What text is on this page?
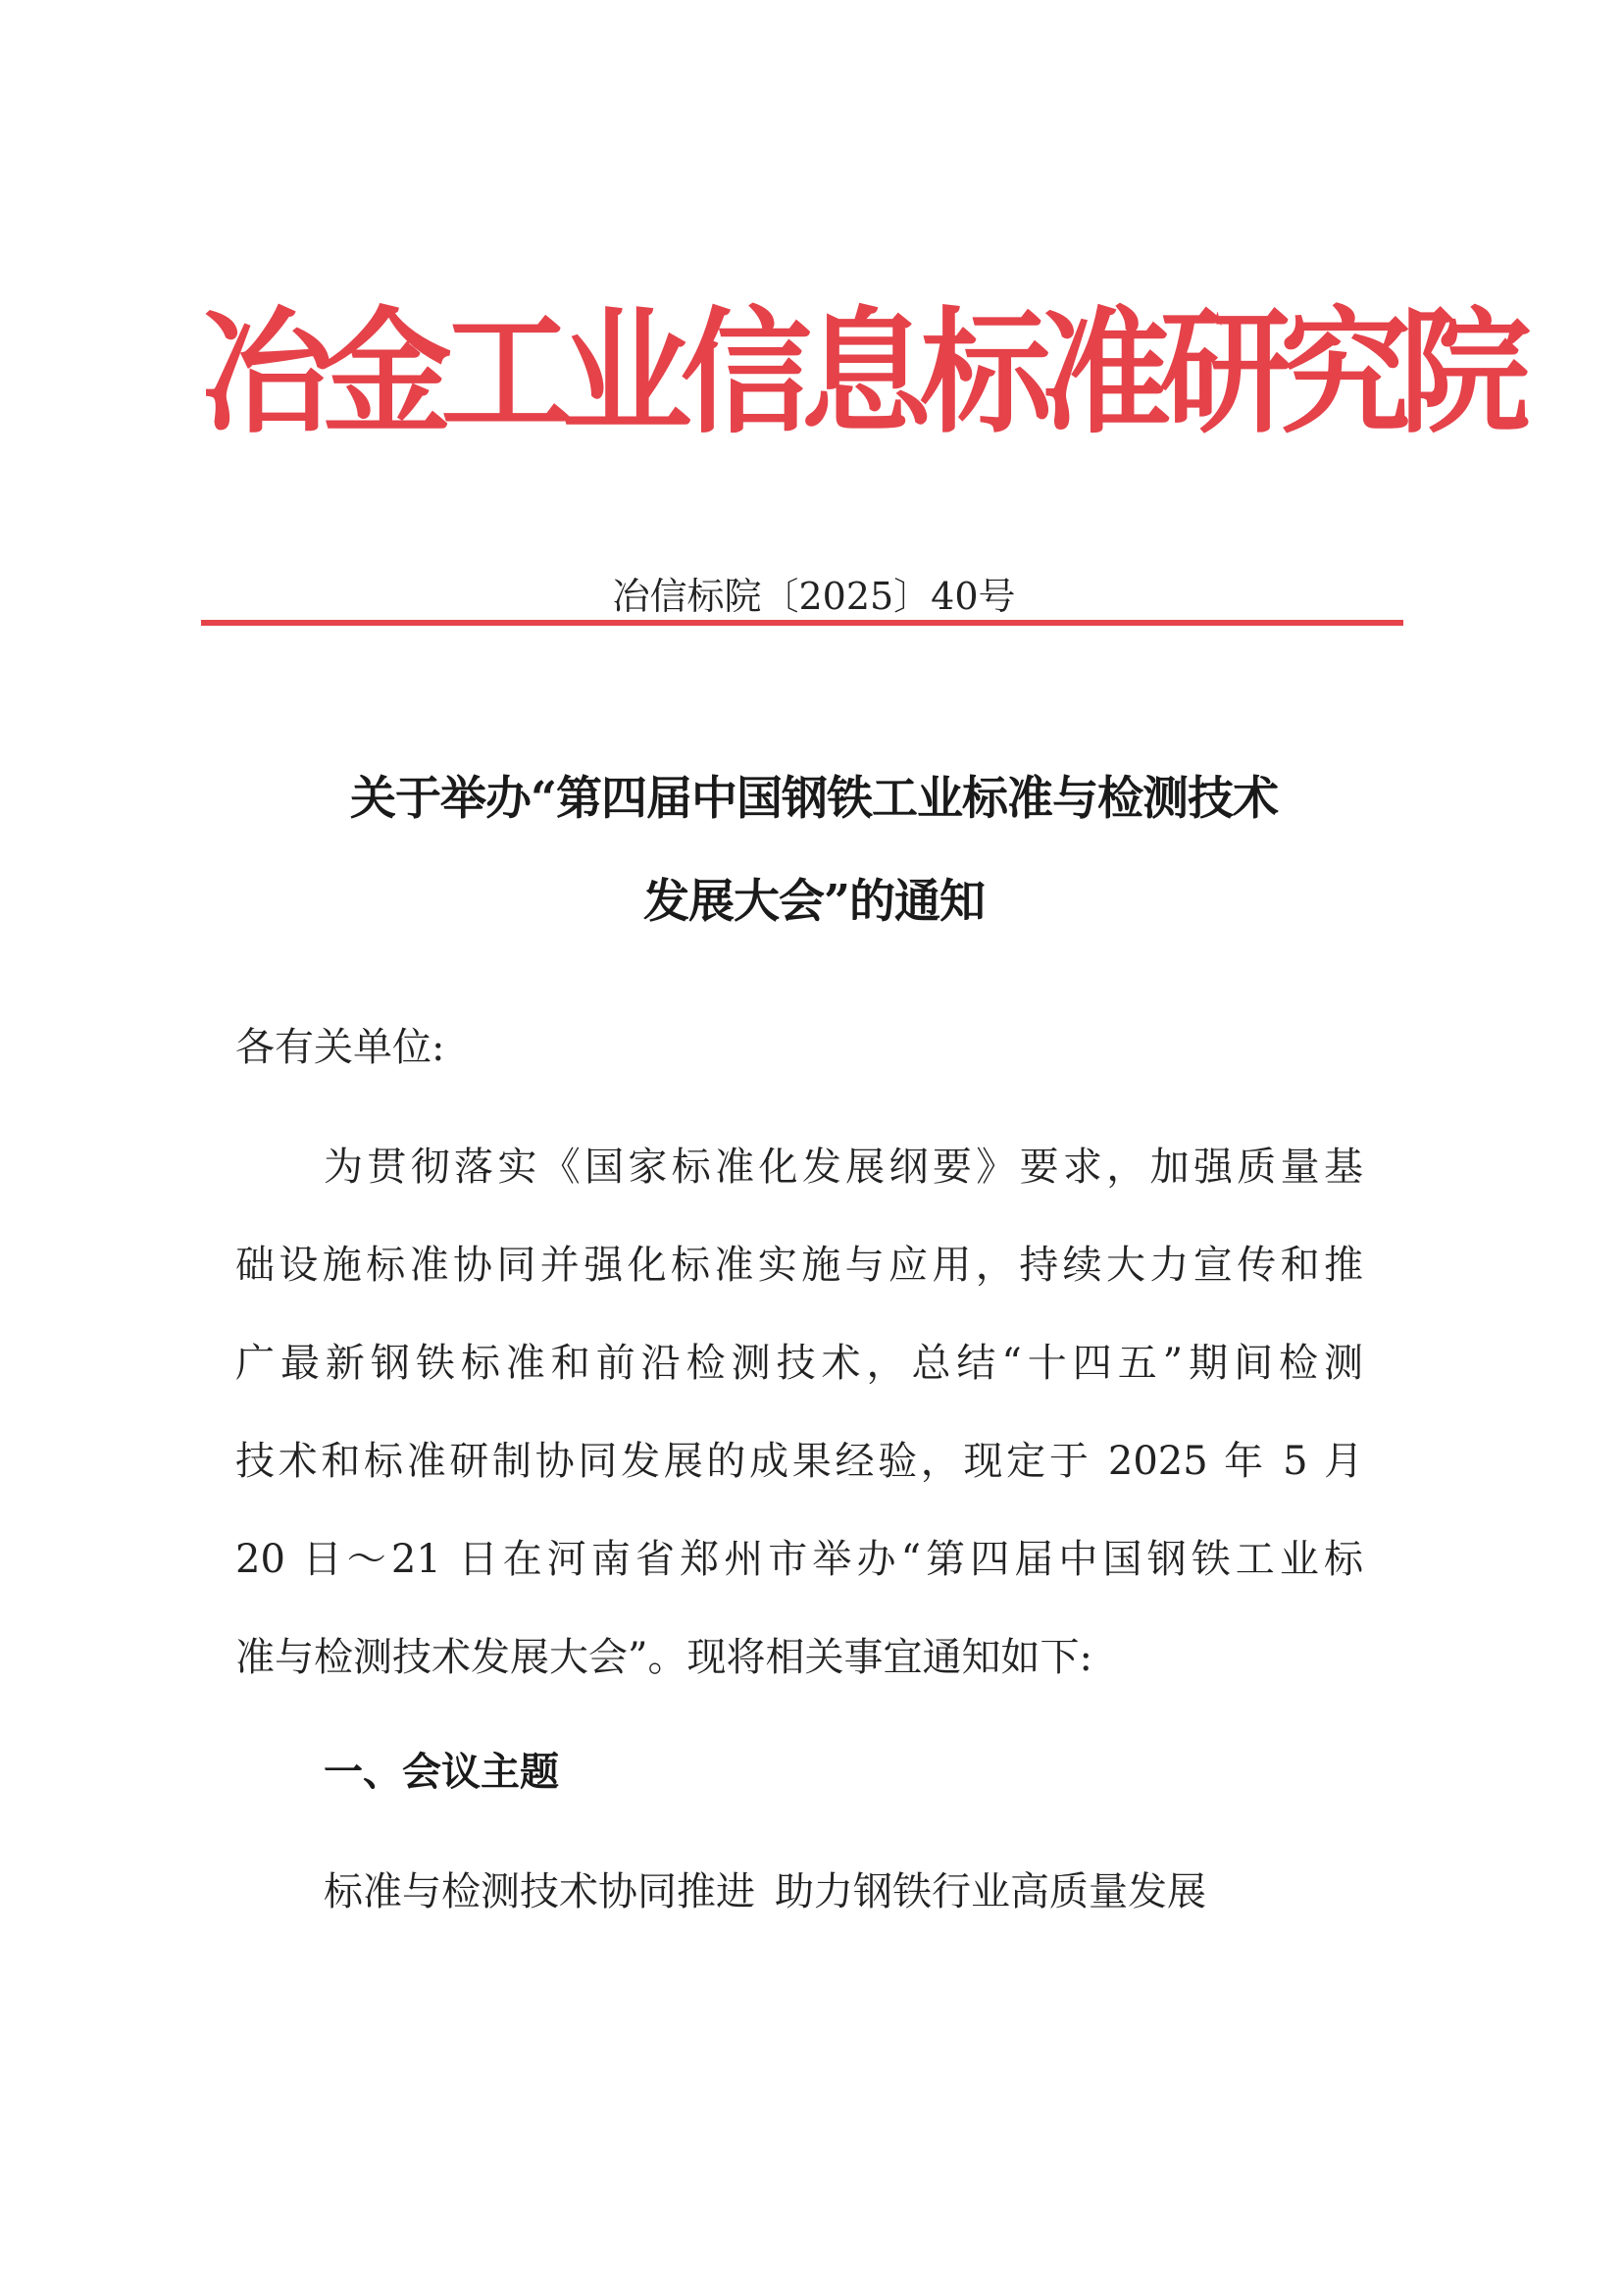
冶金工业信息标准研究院
冶信标院〔2025〕40号
关于举办“第四届中国钢铁工业标准与检测技术
发展大会”的通知
各有关单位:
为贯彻落实《国家标准化发展纲要》要求，加强质量基
础设施标准协同并强化标准实施与应用，持续大力宣传和推
广最新钢铁标准和前沿检测技术，总结“十四五”期间检测
技术和标准研制协同发展的成果经验，现定于 2025 年 5 月
20 日～21 日在河南省郑州市举办“第四届中国钢铁工业标
准与检测技术发展大会”。现将相关事宜通知如下:
一、会议主题
标准与检测技术协同推进 助力钢铁行业高质量发展
